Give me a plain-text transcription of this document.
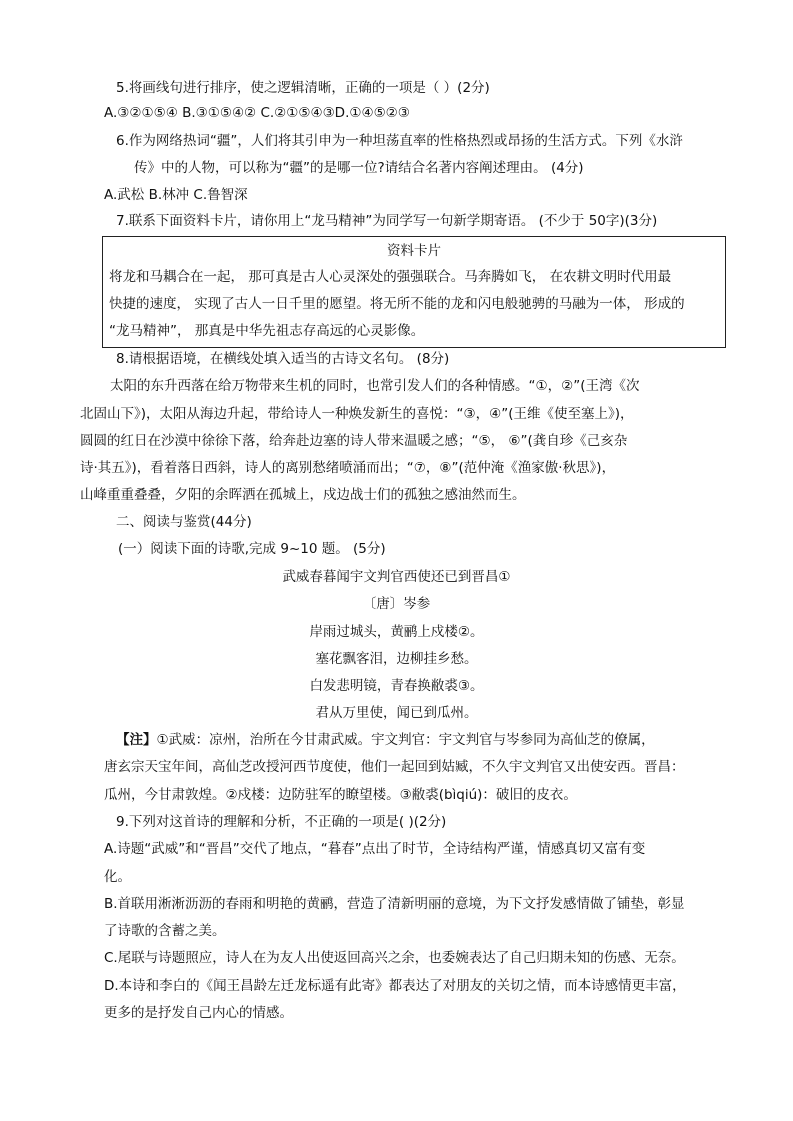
5.将画线句进行排序，使之逻辑清晰，正确的一项是（ ）(2分)
A.③②①⑤④ B.③①⑤④② C.②①⑤④③D.①④⑤②③
6.作为网络热词“疆”，人们将其引申为一种坦荡直率的性格热烈或昂扬的生活方式。下列《水浒
传》中的人物，可以称为“疆”的是哪一位?请结合名著内容阐述理由。 (4分)
A.武松 B.林冲 C.鲁智深
7.联系下面资料卡片，请你用上“龙马精神”为同学写一句新学期寄语。 (不少于 50字)(3分)
资料卡片
将龙和马耦合在一起， 那可真是古人心灵深处的强强联合。马奔腾如飞， 在农耕文明时代用最
快捷的速度， 实现了古人一日千里的愿望。将无所不能的龙和闪电般驰骋的马融为一体， 形成的
“龙马精神”， 那真是中华先祖志存高远的心灵影像。
8.请根据语境，在横线处填入适当的古诗文名句。 (8分)
太阳的东升西落在给万物带来生机的同时，也常引发人们的各种情感。“①，②”(王湾《次
北固山下》)，太阳从海边升起，带给诗人一种焕发新生的喜悦：“③，④”(王维《使至塞上》)，
圆圆的红日在沙漠中徐徐下落，给奔赴边塞的诗人带来温暖之感；“⑤， ⑥”(龚自珍《己亥杂
诗·其五》)，看着落日西斜，诗人的离别愁绪喷涌而出；“⑦，⑧”(范仲淹《渔家傲·秋思》)，
山峰重重叠叠，夕阳的余晖洒在孤城上，戍边战士们的孤独之感油然而生。
二、阅读与鉴赏(44分)
(一）阅读下面的诗歌,完成 9~10 题。 (5分)
武威春暮闻宇文判官西使还已到晋昌①
〔唐〕岑参
岸雨过城头，黄鹂上戍楼②。
塞花飘客泪，边柳挂乡愁。
白发悲明镜，青春换敝裘③。
君从万里使，闻已到瓜州。
【注】①武威：凉州，治所在今甘肃武威。宇文判官：宇文判官与岑参同为高仙芝的僚属，
唐玄宗天宝年间，高仙芝改授河西节度使，他们一起回到姑臧，不久宇文判官又出使安西。晋昌：
瓜州，今甘肃敦煌。②戍楼：边防驻军的瞭望楼。③敝裘(bìqiú)：破旧的皮衣。
9.下列对这首诗的理解和分析，不正确的一项是( )(2分)
A.诗题“武威”和“晋昌”交代了地点，“暮春”点出了时节，全诗结构严谨，情感真切又富有变
化。
B.首联用淅淅沥沥的春雨和明艳的黄鹂，营造了清新明丽的意境，为下文抒发感情做了铺垫，彰显
了诗歌的含蓄之美。
C.尾联与诗题照应，诗人在为友人出使返回高兴之余，也委婉表达了自己归期未知的伤感、无奈。
D.本诗和李白的《闻王昌龄左迁龙标遥有此寄》都表达了对朋友的关切之情，而本诗感情更丰富，
更多的是抒发自己内心的情感。
